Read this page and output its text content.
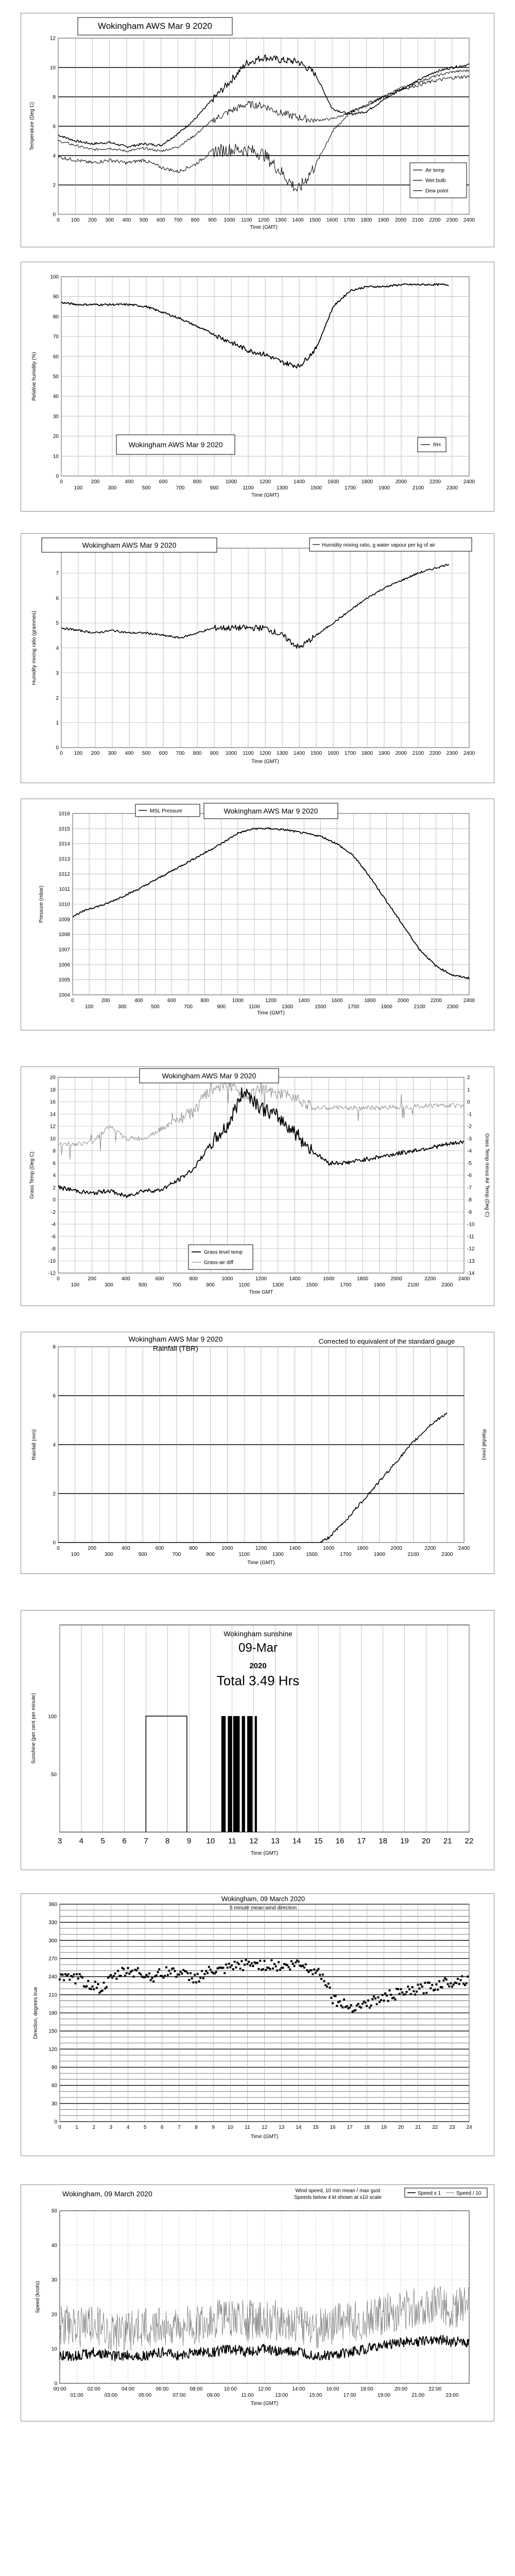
0
2
4
6
8
10
12
0 100 200 300 400 500 600 700 800 900 1000 1100 1200 1300 1400 1500 1600 1700 1800 1900 2000 2100 2200 2300 2400
Wokingham AWS Mar 9 2020
Temperature (Deg C)
Time (GMT)
Air temp
Wet bulb
Dew point
0
10
20
30
40
50
60
70
80
90
100
0	200	400	600	800	1000	1200	1400	1600	1800	2000	2200	2400
100	300	500	700	900	1100	1300	1500	1700	1900	2100	2300
Wokingham AWS Mar 9 2020	RH
Relative humidity (%)
Time (GMT)
0
1
2
3
4
5
6
7
0 100 200 300 400 500 600 700 800 900 1000 1100 1200 1300 1400 1500 1600 1700 1800 1900 2000 2100 2200 2300 2400
Wokingham AWS Mar 9 2020	Humidity mixing ratio, g water vapour per kg of air
Humidity mixing ratio (grammes)
Time (GMT)
1004
1005
1006
1007
1008
1009
1010
1011
1012
1013
1014
1015
1016
0	200	400	600	800	1000	1200	1400	1600	1800	2000	2200	2400
100	300	500	700	900	1100	1300	1500	1700	1900	2100	2300
MSL Pressure	Wokingham AWS Mar 9 2020
Pressure (mbar)
Time (GMT)
20
18
16
14
12
10
8
6
4
2
0
-2
-4
-6
-8
-10
-12
2
1
0
-1
-2
-3
-4
-5
-6
-7
-8
-9
-10
-11
-12
-13
-14
0	200	400	600	800	1000	1200	1400	1600	1800	2000	2200	2400
100	300	500	700	900	1100	1300	1500	1700	1900	2100	2300
Wokingham AWS Mar 9 2020
Grass level temp
Grass-air diff
Grass Temp (Deg C)	Grass Temp minus Air Temp (Deg C)
Time GMT
0
2
4
6
8
0	200	400	600	800	1000	1200	1400	1600	1800	2000	2200	2400
100	300	500	700	900	1100	1300	1500	1700	1900	2100	2300
Wokingham AWS Mar 9 2020
Rainfall (TBR)
Corrected to equivalent of the standard gauge
Rainfall (mm)	Rainfall (mm)
Time (GMT)
3 4 5 6 7 8 9 10 11 12 13 14 15 16 17 18 19 20 21 22
50
100
Wokingham sunshine
09-Mar
2020
Total 3.49 Hrs
Sunshine (per cent per minute)
Time (GMT)
0
30
60
90
120
150
180
210
240
270
300
330
360
0	1	2	3	4	5	6	7	8	9 10 11 12 13 14 15 16 17 18 19 20 21 22 23 24
Wokingham, 09 March 2020
5 minute mean wind direction
Direction, degrees true
Time (GMT)
0
10
20
30
40
50
00:00	02:00	04:00	06:00	08:00	10:00	12:00	14:00	16:00	18:00	20:00	22:00
01:00	03:00	05:00	07:00	09:00	11:00	13:00	15:00	17:00	19:00	21:00	23:00
Wokingham, 09 March 2020	Wind speed, 10 min mean / max gust
Speeds below 4 kt shown at x10 scale
Speed x 1	Speed / 10
Speed (knots)
Time (GMT)
